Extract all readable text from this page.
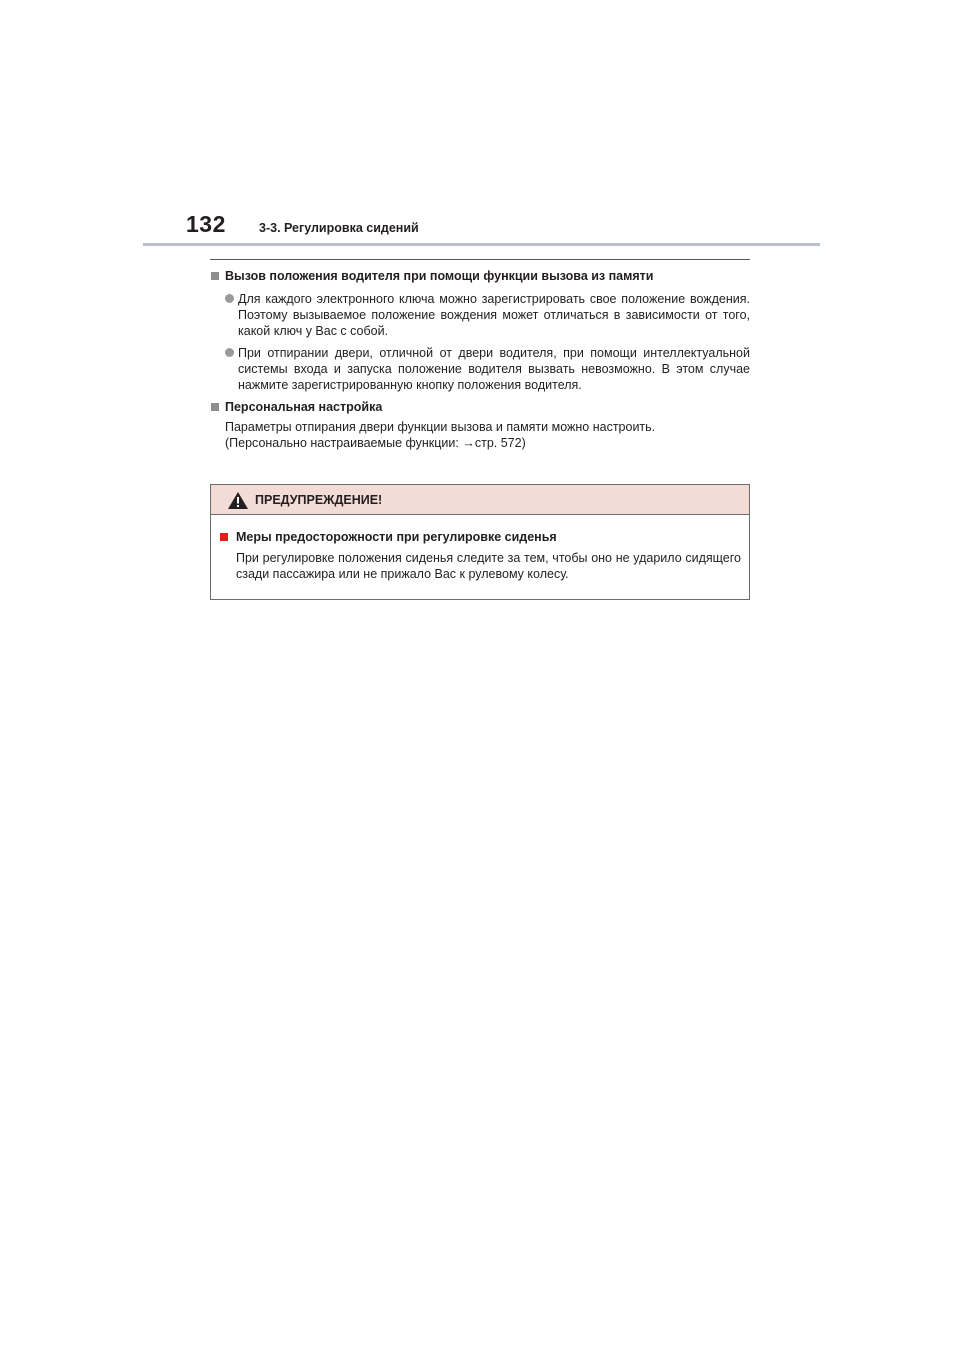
132	3-3. Регулировка сидений
Вызов положения водителя при помощи функции вызова из памяти
Для каждого электронного ключа можно зарегистрировать свое положение вождения. Поэтому вызываемое положение вождения может отличаться в зависимости от того, какой ключ у Вас с собой.
При отпирании двери, отличной от двери водителя, при помощи интеллектуальной системы входа и запуска положение водителя вызвать невозможно. В этом случае нажмите зарегистрированную кнопку положения водителя.
Персональная настройка
Параметры отпирания двери функции вызова и памяти можно настроить.
(Персонально настраиваемые функции: →стр. 572)
ПРЕДУПРЕЖДЕНИЕ!
Меры предосторожности при регулировке сиденья
При регулировке положения сиденья следите за тем, чтобы оно не ударило сидящего сзади пассажира или не прижало Вас к рулевому колесу.
